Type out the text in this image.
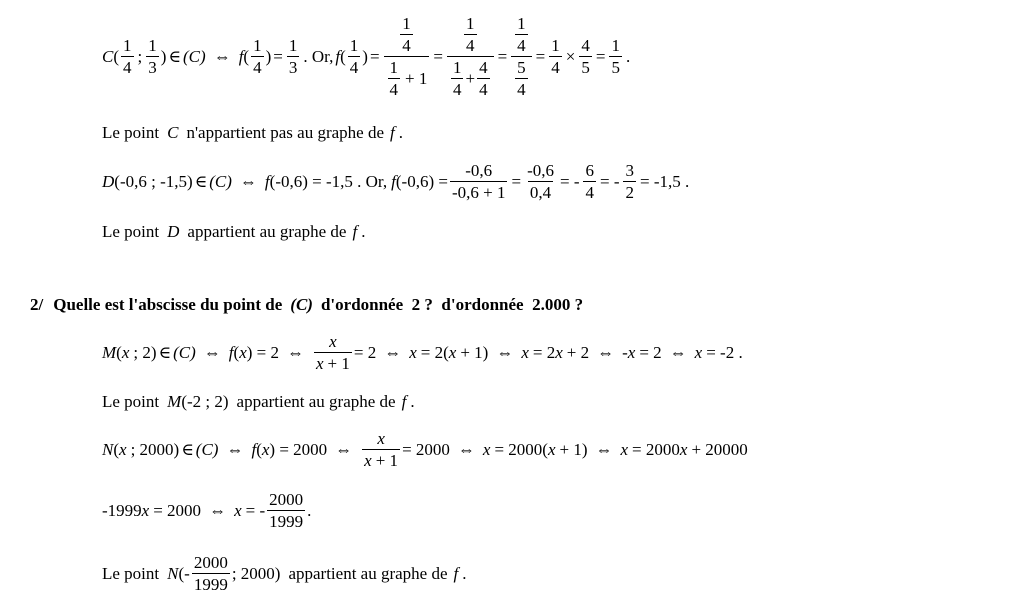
C ( $\frac{1}{4}$ ; $\frac{1}{3}$ ) ∈ (C) ⇔ f ( $\frac{1}{4}$ ) = $\frac{1}{3}$ . Or, f ( $\frac{1}{4}$ ) = $\frac{\frac{1}{4}}{\frac{1}{4} + 1} = \frac{\frac{1}{4}}{\frac{1}{4} + \frac{4}{4}} = \frac{\frac{1}{4}}{\frac{5}{4}} = \frac{1}{4} \times \frac{4}{5} = \frac{1}{5}$ .
Le point C n'appartient pas au graphe de f .
D (-0,6 ; -1,5) ∈ (C) ⇔ f (-0,6) = -1,5 . Or, f $(-0,6) = \frac{-0,6}{-0,6 + 1} = \frac{-0,6}{0,4}$ = - $\frac{6}{4}$ = - $\frac{3}{2} = -1,5$ .
Le point D appartient au graphe de f .
2/ Quelle est l'abscisse du point de (C) d'ordonnée  2 ?  d'ordonnée  2.000 ?
M ( x ; 2) ∈ (C) ⇔ f ( x ) = 2 ⇔ $\frac{x}{x + 1} = 2$ ⇔ x = 2( x + 1) ⇔ x = 2 x + 2 ⇔ - x = 2 ⇔ x = -2 .
Le point M (-2 ; 2) appartient au graphe de f .
N ( x ; 2000) ∈ (C) ⇔ f ( x ) = 2000 ⇔ $\frac{x}{x + 1} = 2000$ ⇔ x = 2000( x + 1) ⇔ x = 2000 x + 20000
-1999 x = 2000 ⇔ x = - $\frac{2000}{1999}$ .
Le point N (- $\frac{2000}{1999}$ ; 2000) appartient au graphe de f .
